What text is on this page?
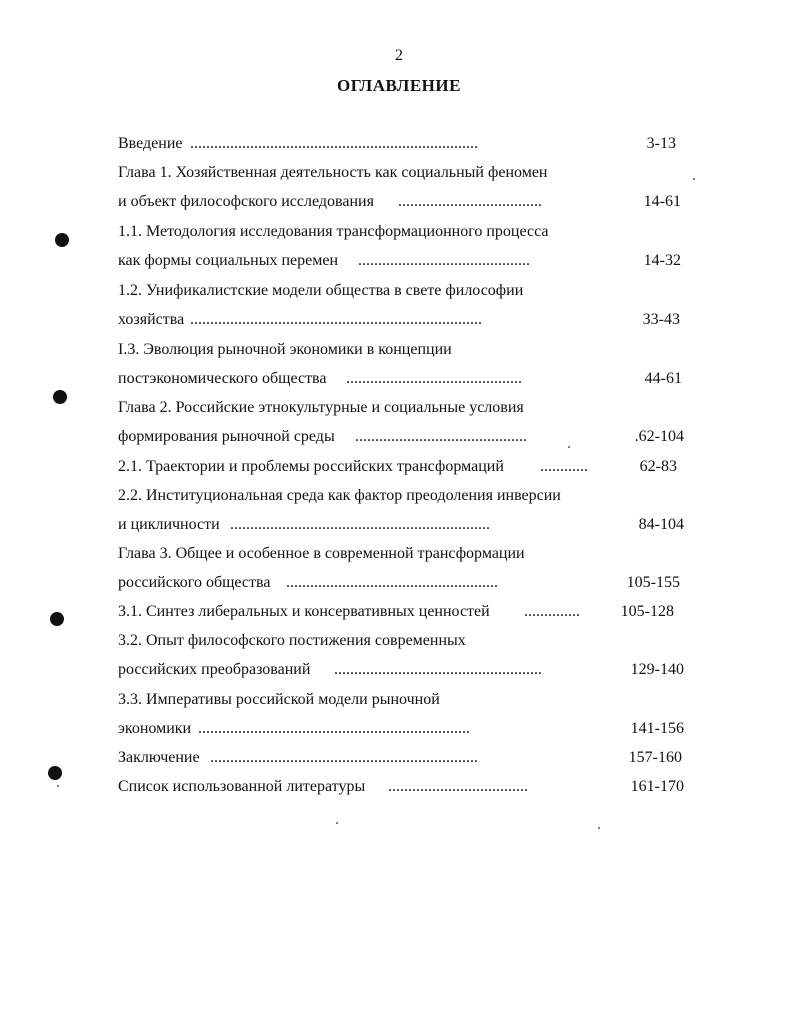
2
ОГЛАВЛЕНИЕ
Введение ........................................................................	3-13
Глава 1. Хозяйственная деятельность как социальный феномен
и объект философского исследования ....................................	14-61
1.1. Методология исследования трансформационного процесса
как формы социальных перемен ...........................................	14-32
1.2. Унификалистские модели общества в свете философии
хозяйства .........................................................................	33-43
I.3. Эволюция рыночной экономики в концепции
постэкономического общества ............................................	44-61
Глава 2. Российские этнокультурные и социальные условия
формирования рыночной среды ...........................................	.62-104
2.1. Траектории и проблемы российских трансформаций ............	62-83
2.2. Институциональная среда как фактор преодоления инверсии
и цикличности .................................................................	84-104
Глава 3. Общее и особенное в современной трансформации
российского общества .....................................................	105-155
3.1. Синтез либеральных и консервативных ценностей ..............	105-128
3.2. Опыт философского постижения современных
российских преобразований ....................................................	129-140
3.3. Императивы российской модели рыночной
экономики ....................................................................	141-156
Заключение ...................................................................	157-160
Список использованной литературы ...................................	161-170
